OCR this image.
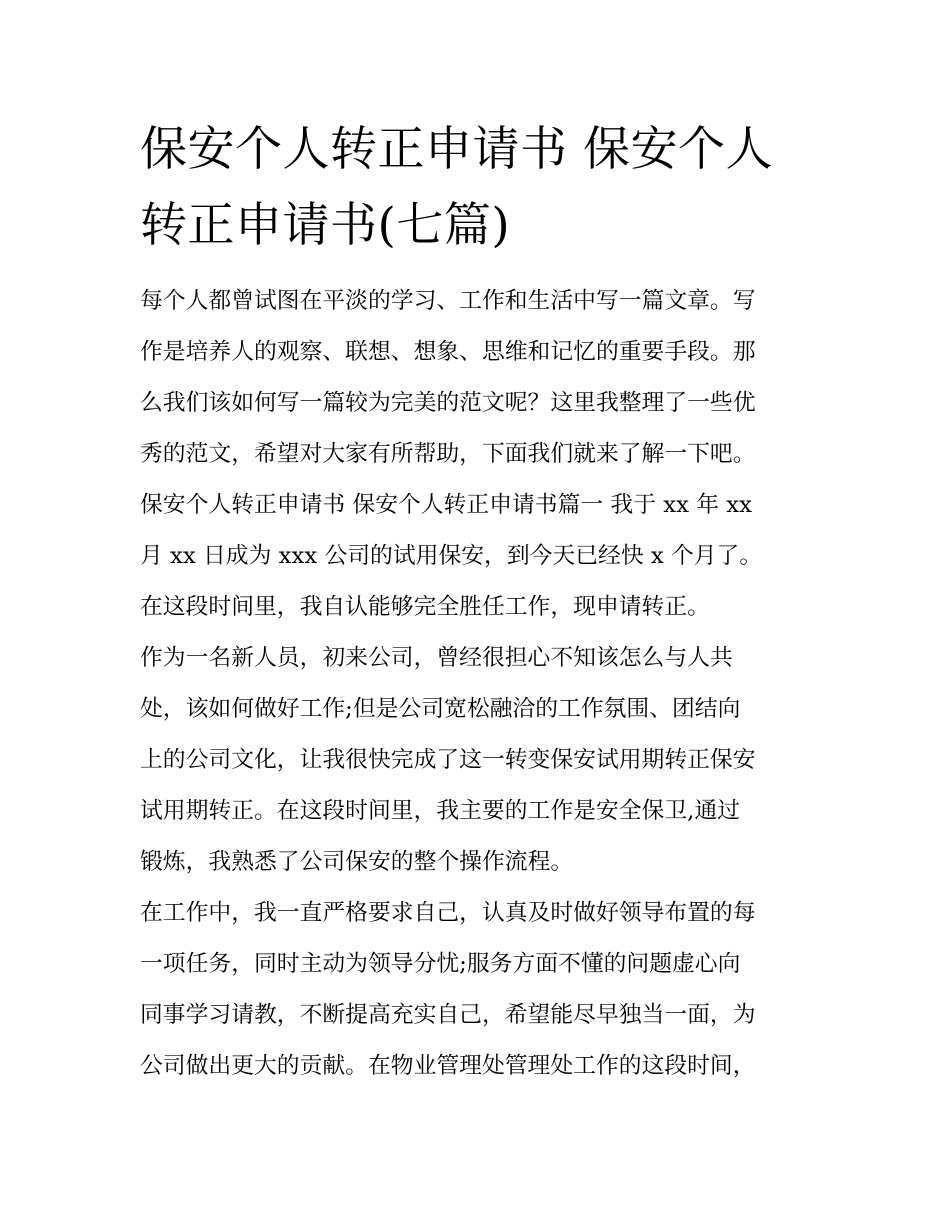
保安个人转正申请书 保安个人
转正申请书(七篇)
每个人都曾试图在平淡的学习、工作和生活中写一篇文章。写
作是培养人的观察、联想、想象、思维和记忆的重要手段。那
么我们该如何写一篇较为完美的范文呢？这里我整理了一些优
秀的范文，希望对大家有所帮助，下面我们就来了解一下吧。
保安个人转正申请书 保安个人转正申请书篇一 我于 xx 年 xx
月 xx 日成为 xxx 公司的试用保安，到今天已经快 x 个月了。
在这段时间里，我自认能够完全胜任工作，现申请转正。
作为一名新人员，初来公司，曾经很担心不知该怎么与人共
处，该如何做好工作;但是公司宽松融洽的工作氛围、团结向
上的公司文化，让我很快完成了这一转变保安试用期转正保安
试用期转正。在这段时间里，我主要的工作是安全保卫,通过
锻炼，我熟悉了公司保安的整个操作流程。
在工作中，我一直严格要求自己，认真及时做好领导布置的每
一项任务，同时主动为领导分忧;服务方面不懂的问题虚心向
同事学习请教，不断提高充实自己，希望能尽早独当一面，为
公司做出更大的贡献。在物业管理处管理处工作的这段时间，
